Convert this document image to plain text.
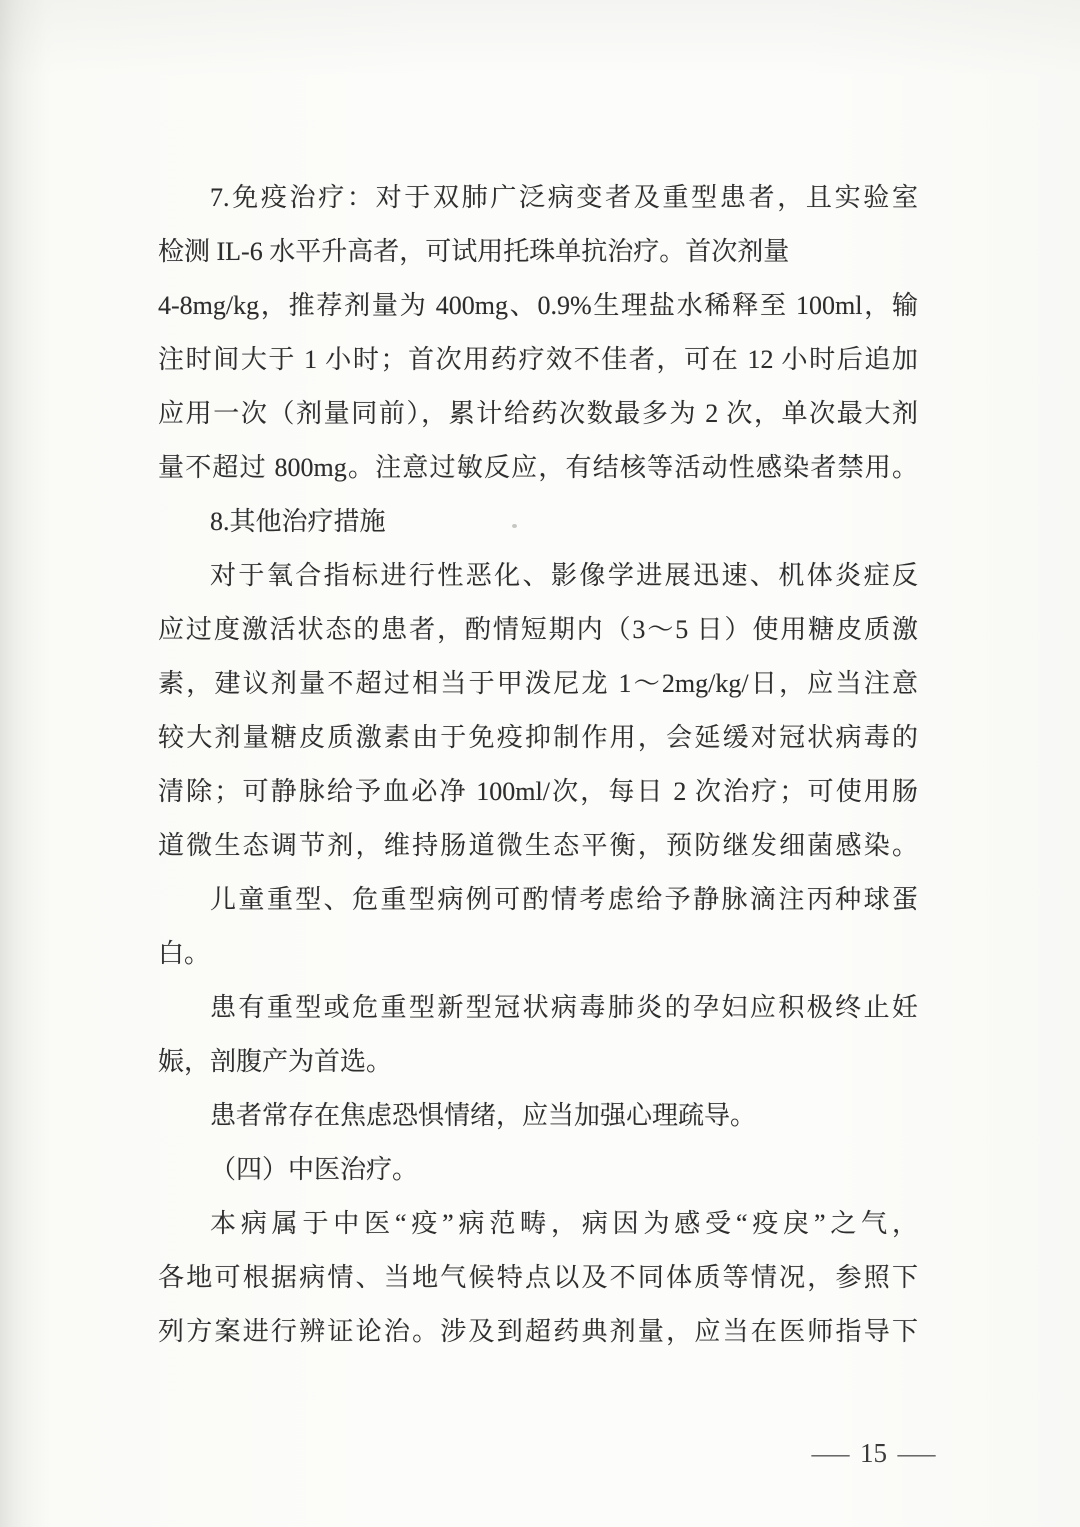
7.免疫治疗：对于双肺广泛病变者及重型患者，且实验室
检测 IL-6 水平升高者，可试用托珠单抗治疗。首次剂量
4-8mg/kg，推荐剂量为 400mg、0.9%生理盐水稀释至 100ml，输
注时间大于 1 小时；首次用药疗效不佳者，可在 12 小时后追加
应用一次（剂量同前），累计给药次数最多为 2 次，单次最大剂
量不超过 800mg。注意过敏反应，有结核等活动性感染者禁用。
8.其他治疗措施
对于氧合指标进行性恶化、影像学进展迅速、机体炎症反
应过度激活状态的患者，酌情短期内（3～5 日）使用糖皮质激
素，建议剂量不超过相当于甲泼尼龙 1～2mg/kg/日，应当注意
较大剂量糖皮质激素由于免疫抑制作用，会延缓对冠状病毒的
清除；可静脉给予血必净 100ml/次，每日 2 次治疗；可使用肠
道微生态调节剂，维持肠道微生态平衡，预防继发细菌感染。
儿童重型、危重型病例可酌情考虑给予静脉滴注丙种球蛋
白。
患有重型或危重型新型冠状病毒肺炎的孕妇应积极终止妊
娠，剖腹产为首选。
患者常存在焦虑恐惧情绪，应当加强心理疏导。
（四）中医治疗。
本病属于中医“疫”病范畴，病因为感受“疫戾”之气，
各地可根据病情、当地气候特点以及不同体质等情况，参照下
列方案进行辨证论治。涉及到超药典剂量，应当在医师指导下
— 15 —
